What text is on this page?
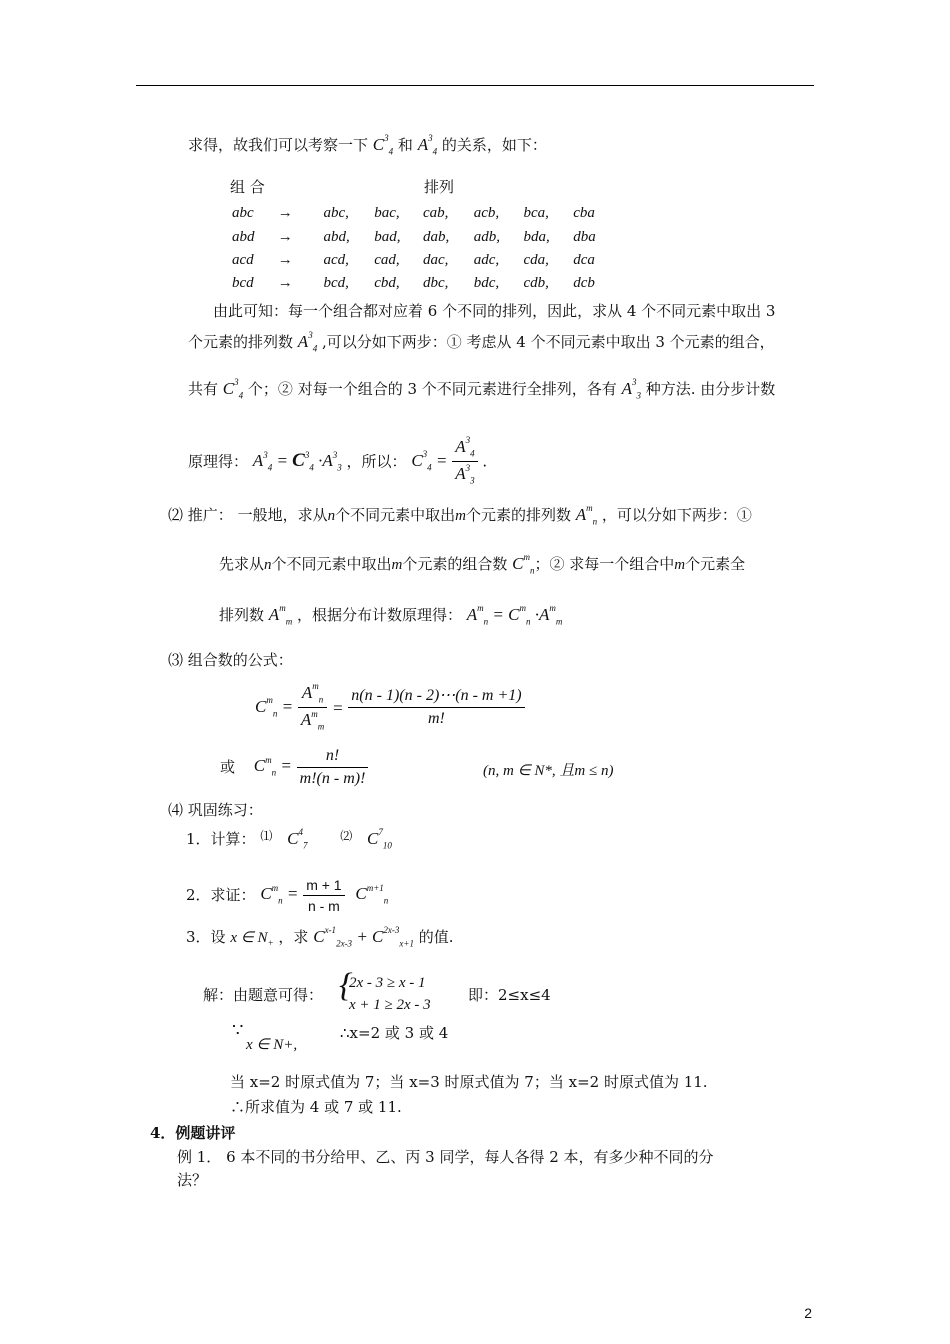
求得，故我们可以考察一下 $C^3_4$ 和 $A^3_4$ 的关系，如下：
组 合	排列
abc → abc, bac, cab, acb, bca, cba
abd → abd, bad, dab, adb, bda, dba
acd → acd, cad, dac, adc, cda, dca
bcd → bcd, cbd, dbc, bdc, cdb, dcb
由此可知：每一个组合都对应着 6 个不同的排列，因此，求从 4 个不同元素中取出 3
个元素的排列数 $A^3_4$ ,可以分如下两步：① 考虑从 4 个不同元素中取出 3 个元素的组合，
共有 $C^3_4$ 个；② 对每一个组合的 3 个不同元素进行全排列，各有 $A^3_3$ 种方法. 由分步计数
原理得： $A^3_4 = C^3_4 \cdot A^3_3$ ，所以： $C^3_4 = \frac{A^3_4}{A^3_3}$ .
⑵ 推广： 一般地，求从n个不同元素中取出m个元素的排列数 $A^m_n$ ，可以分如下两步：①
先求从n个不同元素中取出m个元素的组合数 $C^m_n$；② 求每一个组合中m个元素全
排列数 $A^m_m$ ，根据分布计数原理得： $A^m_n = C^m_n \cdot A^m_m$
⑶ 组合数的公式：
$C^m_n = \frac{A^m_n}{A^m_m} = \frac{n(n - 1)(n - 2)\cdots(n - m +1)}{m!}$
或 $C^m_n = \frac{n!}{m!(n - m)!}$	(n, m ∈ N*, 且m ≤ n)
⑷ 巩固练习：
1．计算： ⑴ $C^4_7$ ⑵ $C^7_{10}$
2．求证： $C^m_n = \frac{m + 1}{n - m} C^{m+1}_n$
3．设 x ∈ $N_+$ ，求 $C^{x-1}_{2x-3} + C^{2x-3}_{x+1}$ 的值.
解：由题意可得： {
2x - 3 ≥ x - 1
x + 1 ≥ 2x - 3
即：2≤x≤4
∵
x ∈ N+,
∴x=2 或 3 或 4
当 x=2 时原式值为 7；当 x=3 时原式值为 7；当 x=2 时原式值为 11.
∴所求值为 4 或 7 或 11.
4．例题讲评
例 1． 6 本不同的书分给甲、乙、丙 3 同学，每人各得 2 本，有多少种不同的分
法？
2
